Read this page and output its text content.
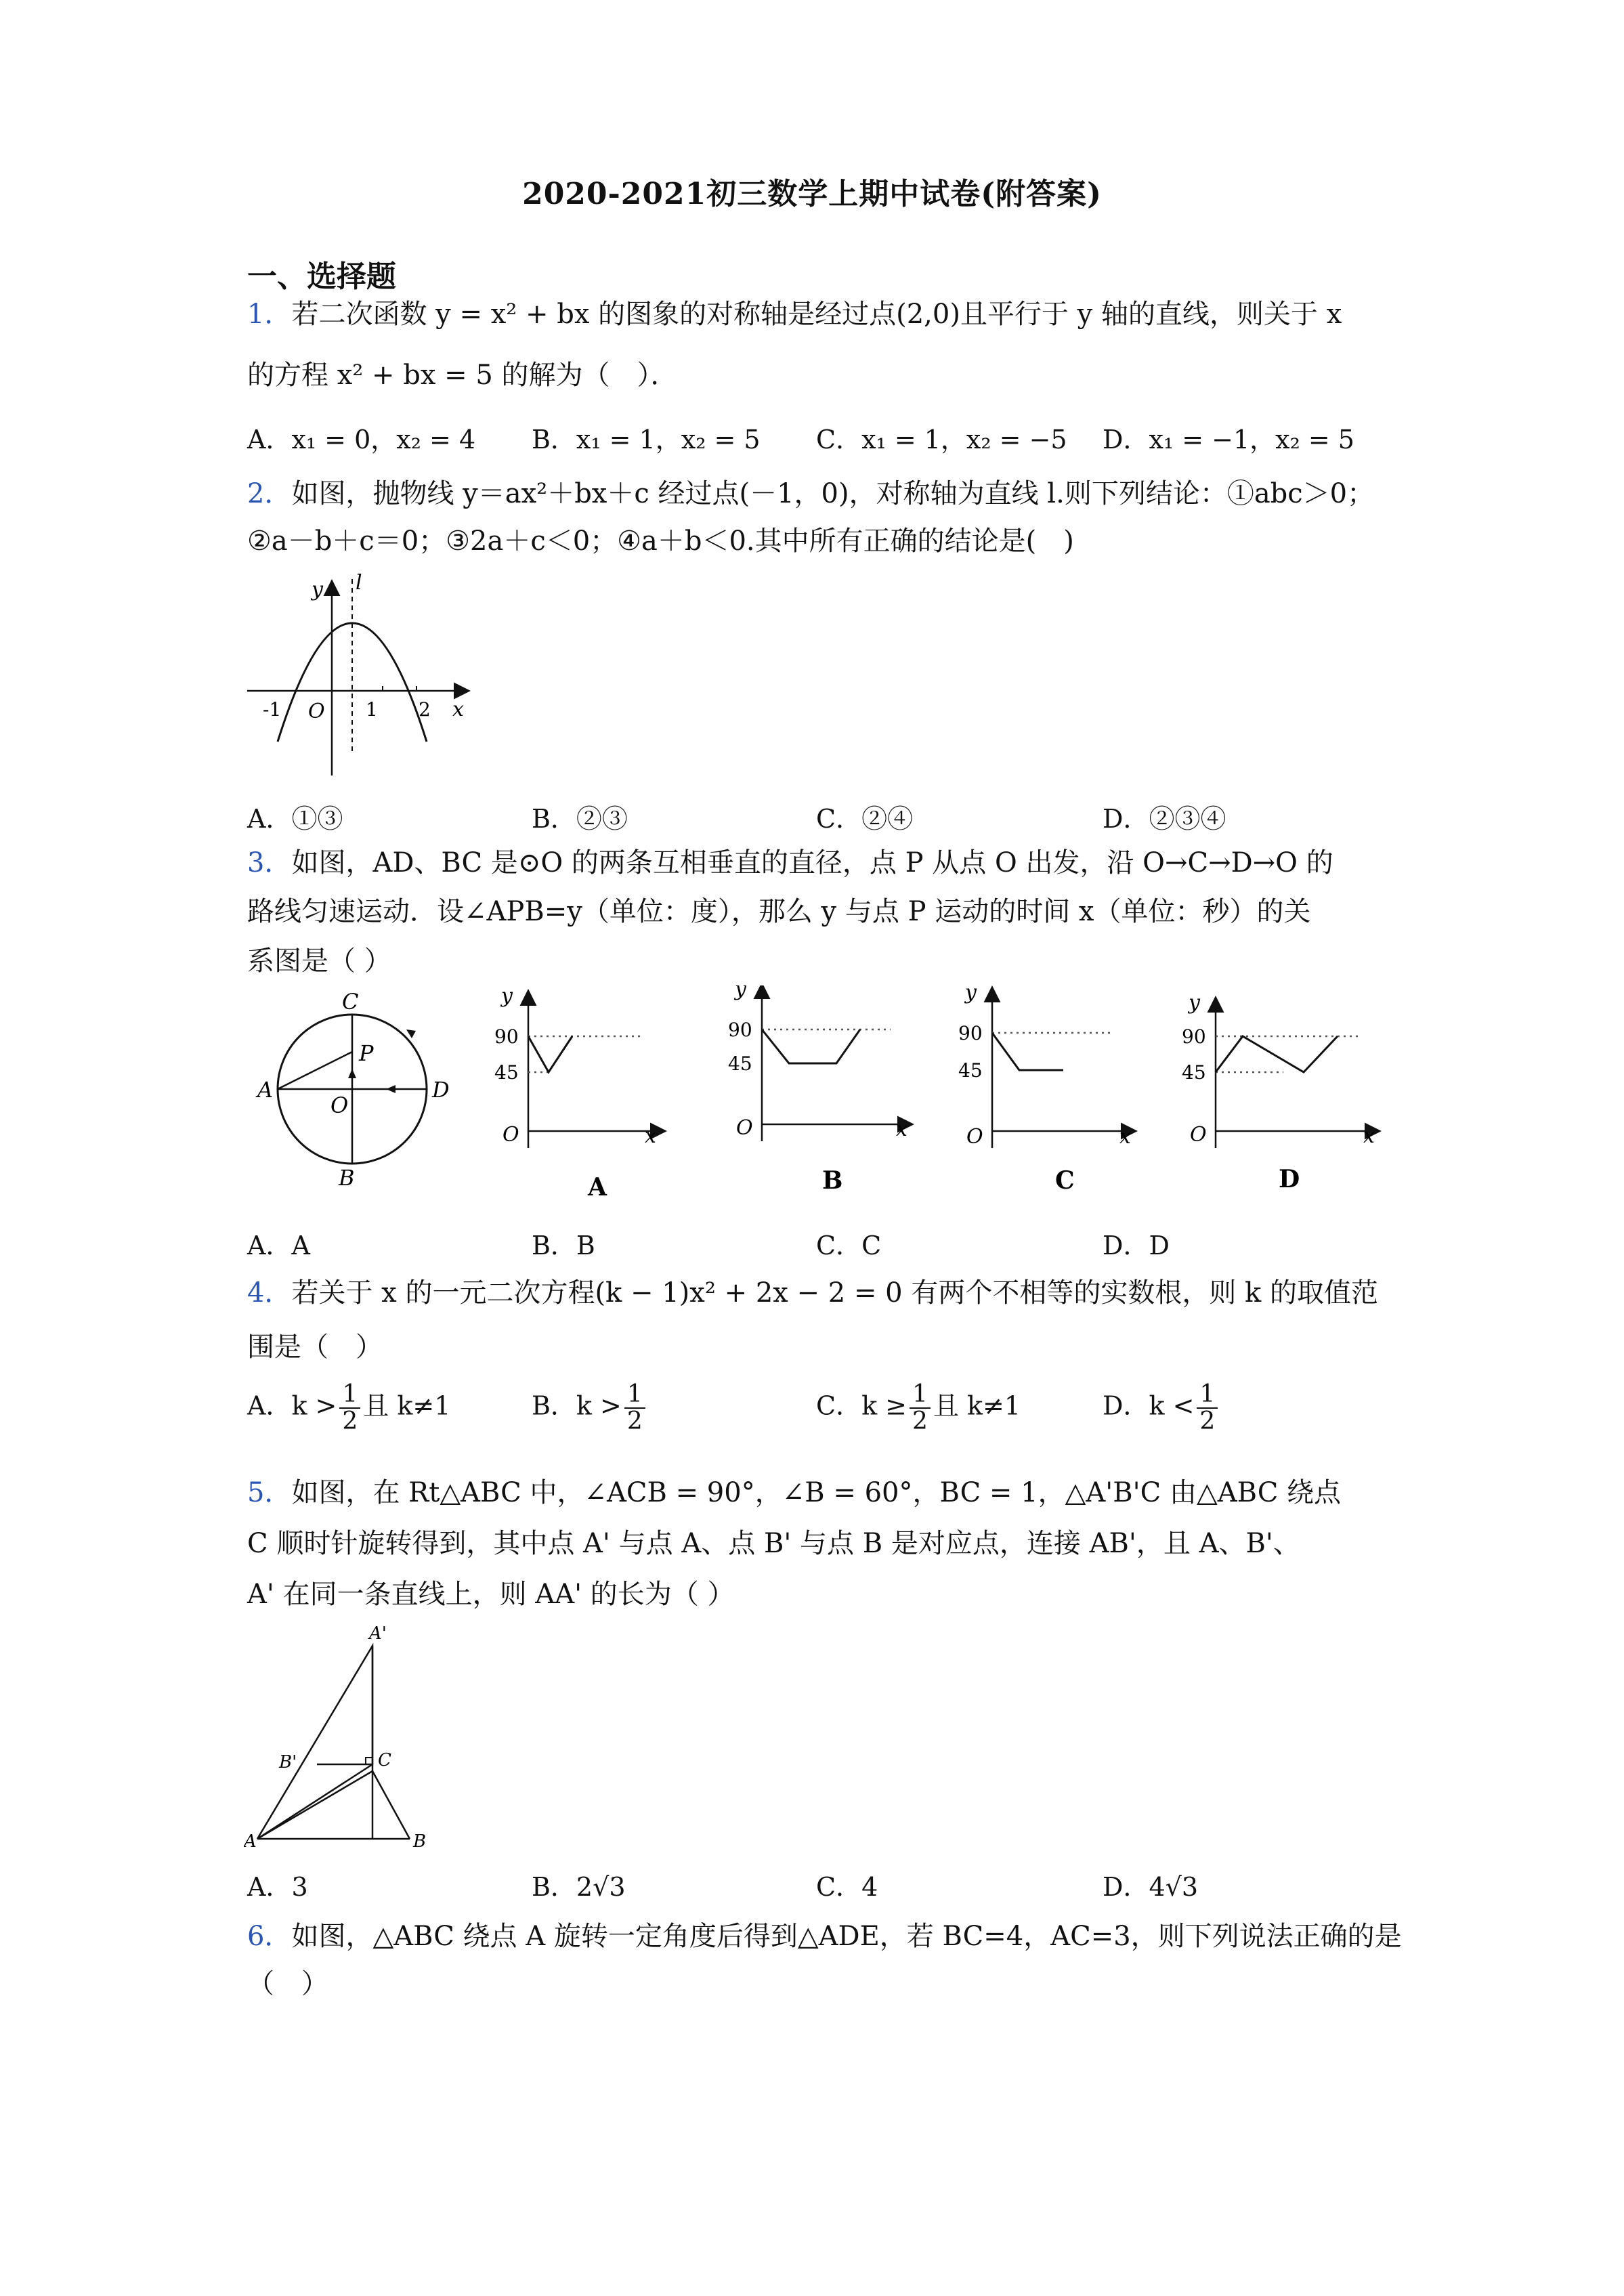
2020-2021初三数学上期中试卷(附答案)
一、选择题
1．若二次函数 y = x² + bx 的图象的对称轴是经过点(2,0)且平行于 y 轴的直线，则关于 x
的方程 x² + bx = 5 的解为（　）．
A．x₁ = 0，x₂ = 4 B．x₁ = 1，x₂ = 5 C．x₁ = 1，x₂ = −5 D．x₁ = −1，x₂ = 5
2．如图，抛物线 y＝ax²＋bx＋c 经过点(－1，0)，对称轴为直线 l.则下列结论：①abc＞0；
②a－b＋c＝0；③2a＋c＜0；④a＋b＜0.其中所有正确的结论是(　)
y l
O	x
-1	1 2
A．①③	B．②③	C．②④	D．②③④
3．如图，AD、BC 是⊙O 的两条互相垂直的直径，点 P 从点 O 出发，沿 O→C→D→O 的
路线匀速运动．设∠APB=y（单位：度），那么 y 与点 P 运动的时间 x（单位：秒）的关
系图是（ ）
C
A	D
B
O
P
y
x
O
90
45
y
x
O
90
45
y
x
O
90
45
y
x
O
90
45
A	B	C	D
A．A	B．B	C．C	D．D
4．若关于 x 的一元二次方程(k − 1)x² + 2x − 2 = 0 有两个不相等的实数根，则 k 的取值范
围是（　）
A．$k > \frac{1}{2}$ 且 k≠1	B．$k > \frac{1}{2}$	C．$k \ge \frac{1}{2}$ 且 k≠1	D．$k < \frac{1}{2}$
5．如图，在 Rt△ABC 中，∠ACB = 90°，∠B = 60°，BC = 1，△A'B'C 由△ABC 绕点
C 顺时针旋转得到，其中点 A' 与点 A、点 B' 与点 B 是对应点，连接 AB'，且 A、B'、
A' 在同一条直线上，则 AA' 的长为（ ）
A'
B'	C
A	B
A．3	B．2√3	C．4	D．4√3
6．如图，△ABC 绕点 A 旋转一定角度后得到△ADE，若 BC=4，AC=3，则下列说法正确的是
（　）
